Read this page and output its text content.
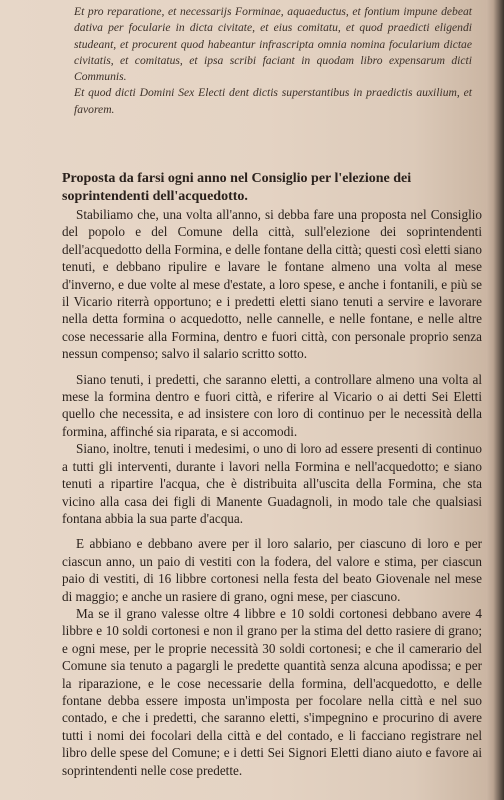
Et pro reparatione, et necessarijs Forminae, aquaeductus, et fontium impune debeat dativa per focularie in dicta civitate, et eius comitatu, et quod praedicti eligendi studeant, et procurent quod habeantur infrascripta omnia nomina focularium dictae civitatis, et comitatus, et ipsa scribi faciant in quodam libro expensarum dicti Communis.

Et quod dicti Domini Sex Electi dent dictis superstantibus in praedictis auxilium, et favorem.

Proposta da farsi ogni anno nel Consiglio per l'elezione dei soprintendenti dell'acquedotto.

Stabiliamo che, una volta all'anno, si debba fare una proposta nel Consiglio del popolo e del Comune della città, sull'elezione dei soprintendenti dell'acquedotto della Formina, e delle fontane della città; questi così eletti siano tenuti, e debbano ripulire e lavare le fontane almeno una volta al mese d'inverno, e due volte al mese d'estate, a loro spese, e anche i fontanili, e più se il Vicario riterrà opportuno; e i predetti eletti siano tenuti a servire e lavorare nella detta formina o acquedotto, nelle cannelle, e nelle fontane, e nelle altre cose necessarie alla Formina, dentro e fuori città, con personale proprio senza nessun compenso; salvo il salario scritto sotto.

Siano tenuti, i predetti, che saranno eletti, a controllare almeno una volta al mese la formina dentro e fuori città, e riferire al Vicario o ai detti Sei Eletti quello che necessita, e ad insistere con loro di continuo per le necessità della formina, affinché sia riparata, e si accomodi.

Siano, inoltre, tenuti i medesimi, o uno di loro ad essere presenti di continuo a tutti gli interventi, durante i lavori nella Formina e nell'acquedotto; e siano tenuti a ripartire l'acqua, che è distribuita all'uscita della Formina, che sta vicino alla casa dei figli di Manente Guadagnoli, in modo tale che qualsiasi fontana abbia la sua parte d'acqua.

E abbiano e debbano avere per il loro salario, per ciascuno di loro e per ciascun anno, un paio di vestiti con la fodera, del valore e stima, per ciascun paio di vestiti, di 16 libbre cortonesi nella festa del beato Giovenale nel mese di maggio; e anche un rasiere di grano, ogni mese, per ciascuno.

Ma se il grano valesse oltre 4 libbre e 10 soldi cortonesi debbano avere 4 libbre e 10 soldi cortonesi e non il grano per la stima del detto rasiere di grano; e ogni mese, per le proprie necessità 30 soldi cortonesi; e che il camerario del Comune sia tenuto a pagargli le predette quantità senza alcuna apodissa; e per la riparazione, e le cose necessarie della formina, dell'acquedotto, e delle fontane debba essere imposta un'imposta per focolare nella città e nel suo contado, e che i predetti, che saranno eletti, s'impegnino e procurino di avere tutti i nomi dei focolari della città e del contado, e li facciano registrare nel libro delle spese del Comune; e i detti Sei Signori Eletti diano aiuto e favore ai soprintendenti nelle cose predette.
